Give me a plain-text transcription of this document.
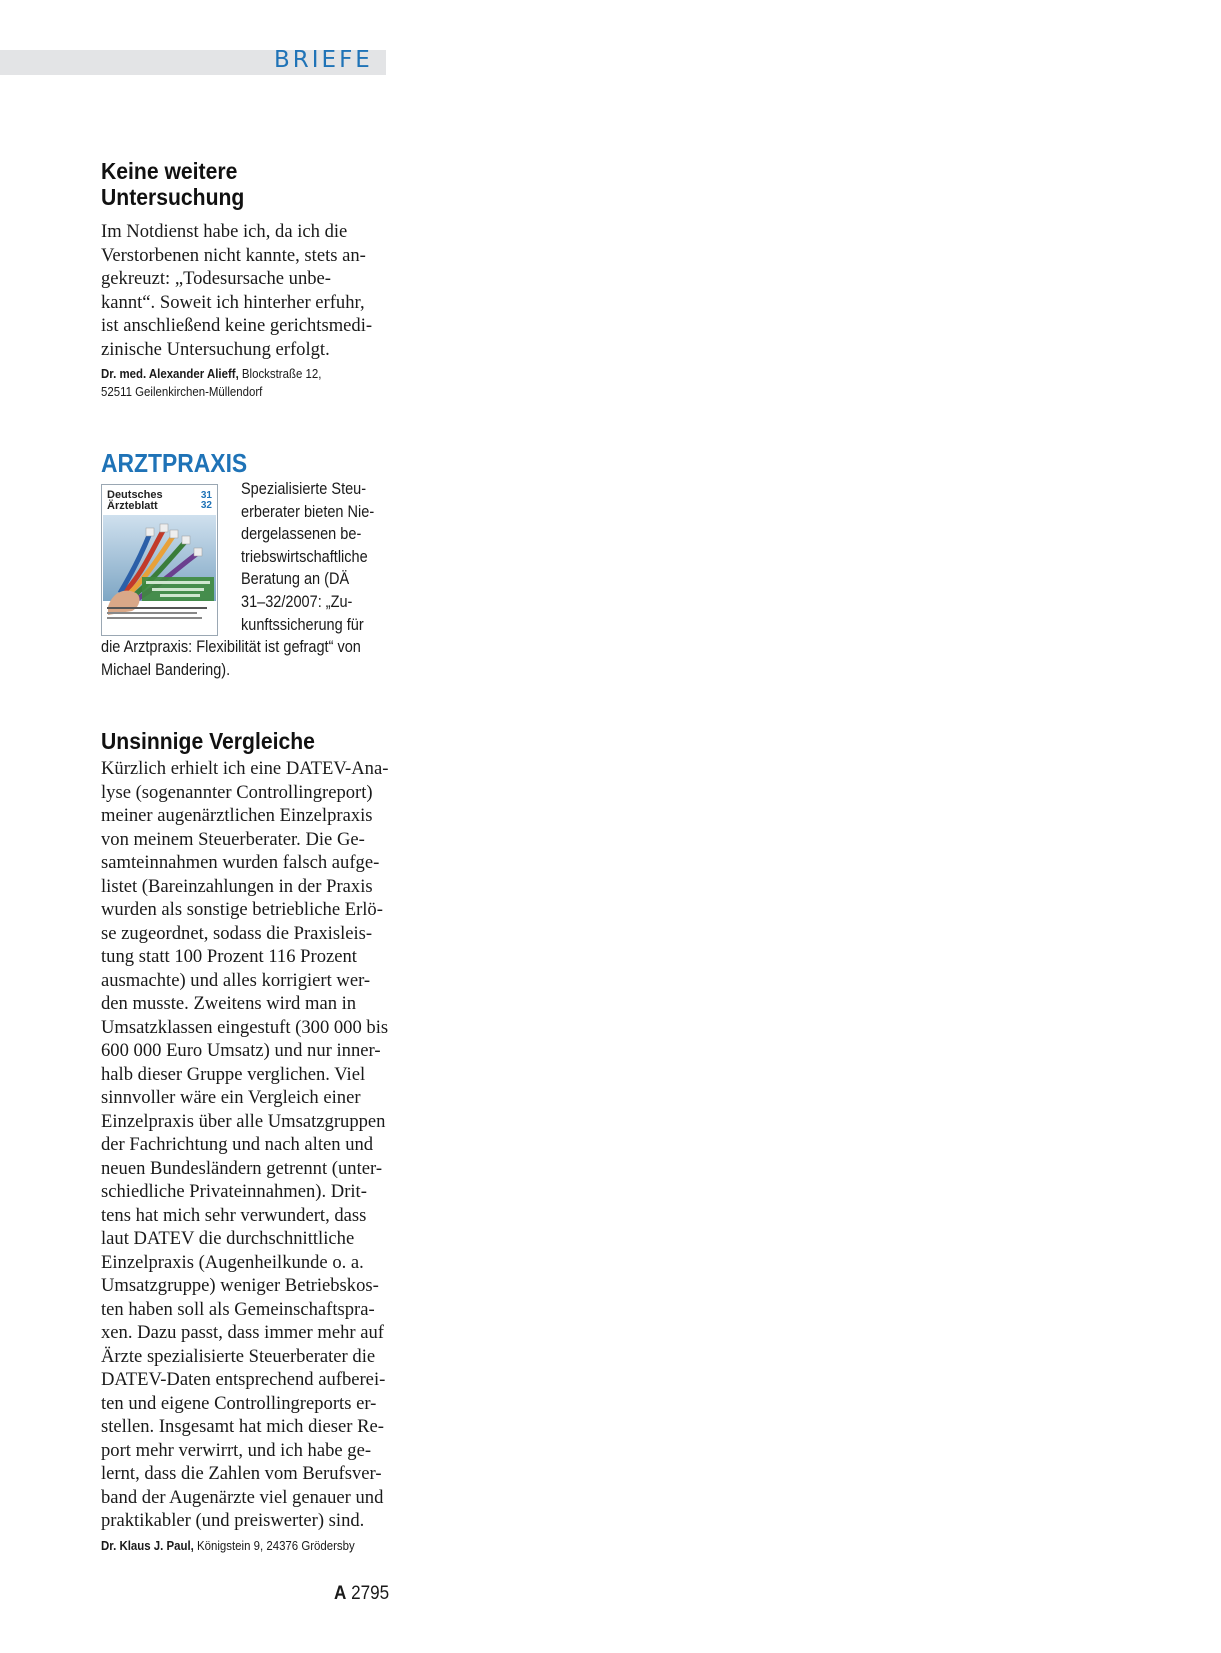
BRIEFE
Keine weitere
Untersuchung
Im Notdienst habe ich, da ich die
Verstorbenen nicht kannte, stets an-
gekreuzt: „Todesursache unbe-
kannt“. Soweit ich hinterher erfuhr,
ist anschließend keine gerichtsmedi-
zinische Untersuchung erfolgt.
Dr. med. Alexander Alieff, Blockstraße 12,
52511 Geilenkirchen-Müllendorf
ARZTPRAXIS
Deutsches
Ärzteblatt
31
32
Spezialisierte Steu-
erberater bieten Nie-
dergelassenen be-
triebswirtschaftliche
Beratung an (DÄ
31–32/2007: „Zu-
kunftssicherung für
die Arztpraxis: Flexibilität ist gefragt“ von
Michael Bandering).
Unsinnige Vergleiche
Kürzlich erhielt ich eine DATEV-Ana-
lyse (sogenannter Controllingreport)
meiner augenärztlichen Einzelpraxis
von meinem Steuerberater. Die Ge-
samteinnahmen wurden falsch aufge-
listet (Bareinzahlungen in der Praxis
wurden als sonstige betriebliche Erlö-
se zugeordnet, sodass die Praxisleis-
tung statt 100 Prozent 116 Prozent
ausmachte) und alles korrigiert wer-
den musste. Zweitens wird man in
Umsatzklassen eingestuft (300 000 bis
600 000 Euro Umsatz) und nur inner-
halb dieser Gruppe verglichen. Viel
sinnvoller wäre ein Vergleich einer
Einzelpraxis über alle Umsatzgruppen
der Fachrichtung und nach alten und
neuen Bundesländern getrennt (unter-
schiedliche Privateinnahmen). Drit-
tens hat mich sehr verwundert, dass
laut DATEV die durchschnittliche
Einzelpraxis (Augenheilkunde o. a.
Umsatzgruppe) weniger Betriebskos-
ten haben soll als Gemeinschaftspra-
xen. Dazu passt, dass immer mehr auf
Ärzte spezialisierte Steuerberater die
DATEV-Daten entsprechend aufberei-
ten und eigene Controllingreports er-
stellen. Insgesamt hat mich dieser Re-
port mehr verwirrt, und ich habe ge-
lernt, dass die Zahlen vom Berufsver-
band der Augenärzte viel genauer und
praktikabler (und preiswerter) sind.
Dr. Klaus J. Paul, Königstein 9, 24376 Grödersby
A 2795
